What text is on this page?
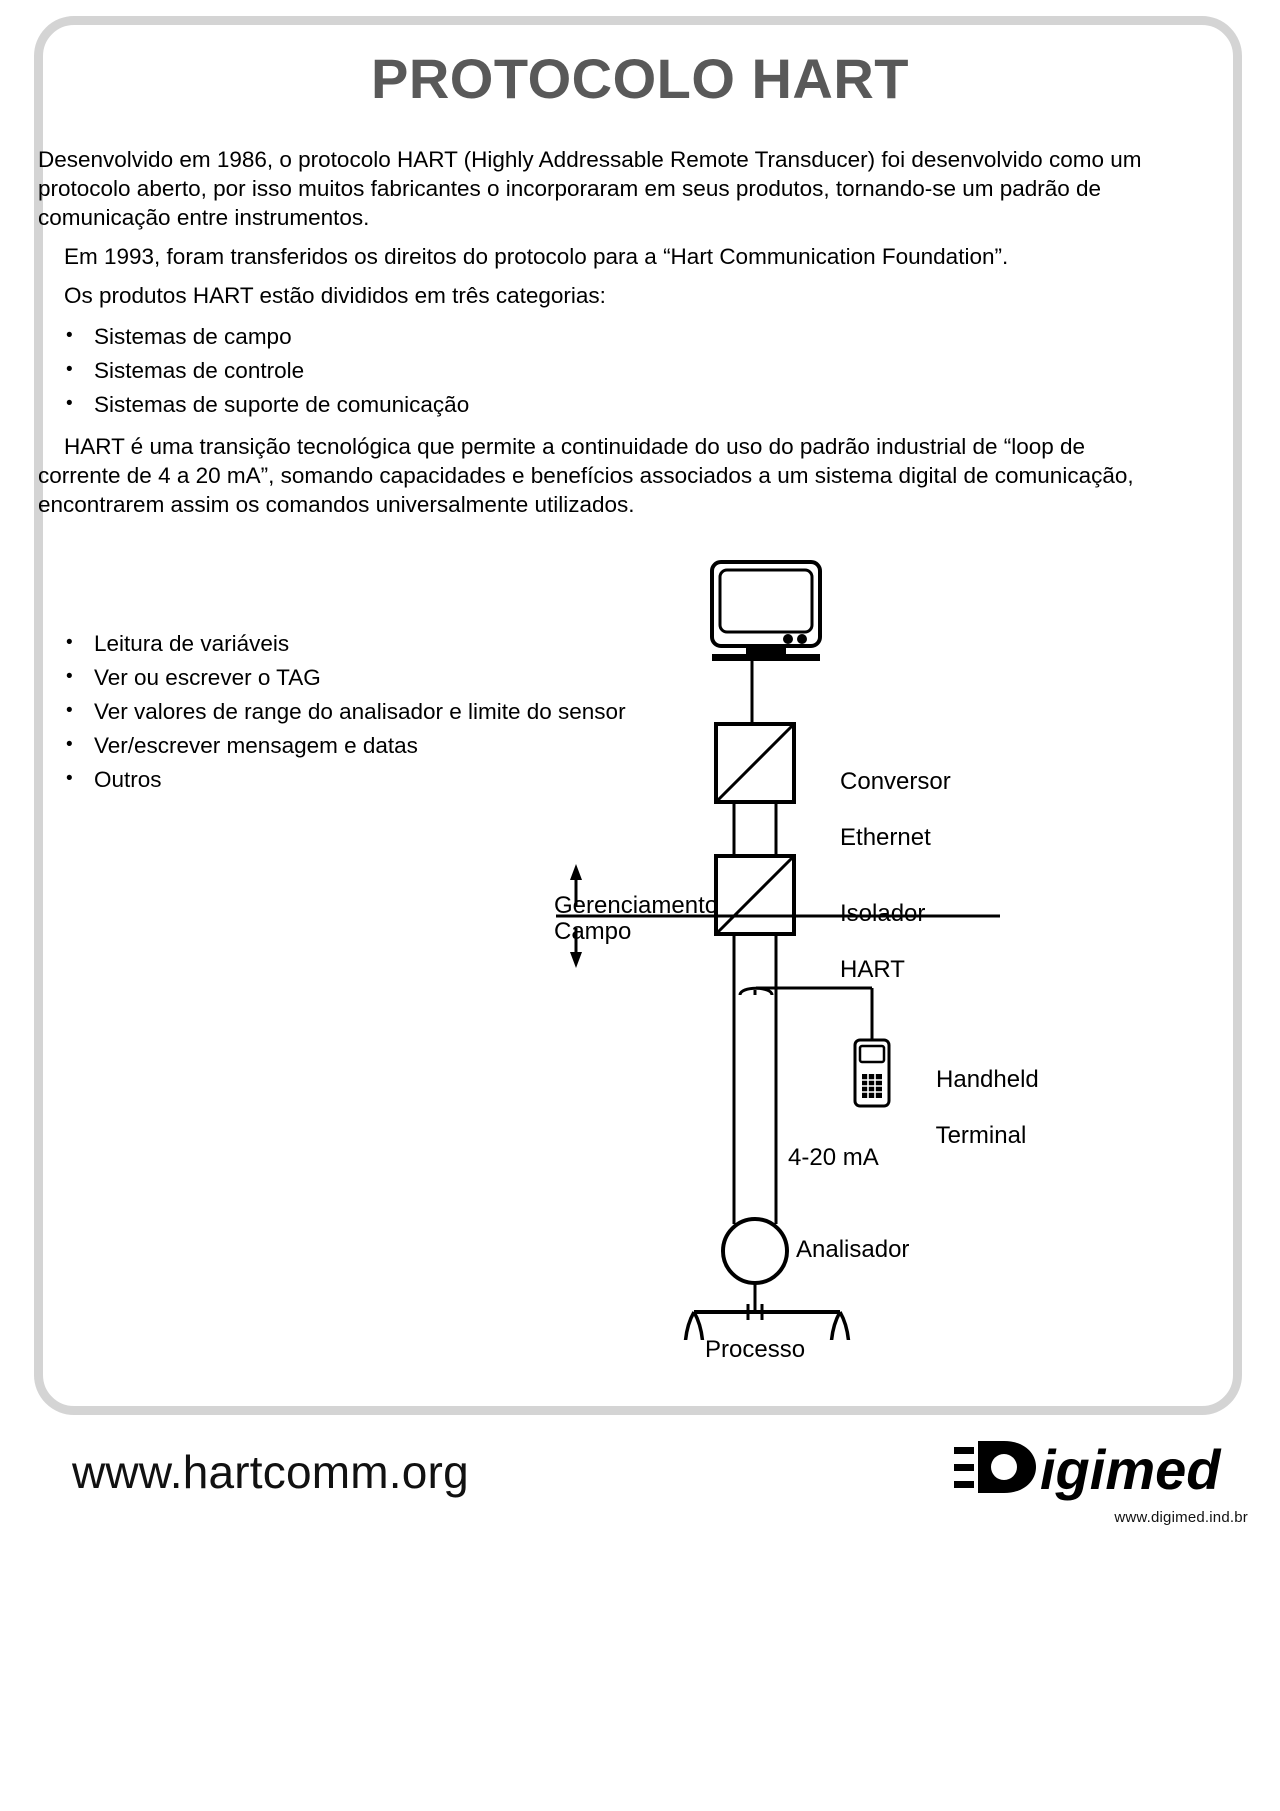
PROTOCOLO HART

Desenvolvido em 1986, o protocolo HART (Highly Addressable Remote Transducer) foi desenvolvido como um protocolo aberto, por isso muitos fabricantes o incorporaram em seus produtos, tornando-se um padrão de comunicação entre instrumentos.

Em 1993, foram transferidos os direitos do protocolo para a “Hart Communication Foundation”.

Os produtos HART estão divididos em três categorias:

• Sistemas de campo
• Sistemas de controle
• Sistemas de suporte de comunicação

HART é uma transição tecnológica que permite a continuidade do uso do padrão industrial de “loop de corrente de 4 a 20 mA”, somando capacidades e benefícios associados a um sistema digital de comunicação, encontrarem assim os comandos universalmente utilizados.

• Leitura de variáveis
• Ver ou escrever o TAG
• Ver valores de range do analisador e limite do sensor
• Ver/escrever mensagem e datas
• Outros	Conversor

Ethernet

Isolador

HART

Gerenciamento
Campo

Handheld

Terminal

4-20 mA
Analisador
Processo
www.hartcomm.org	igimed
www.digimed.ind.br
